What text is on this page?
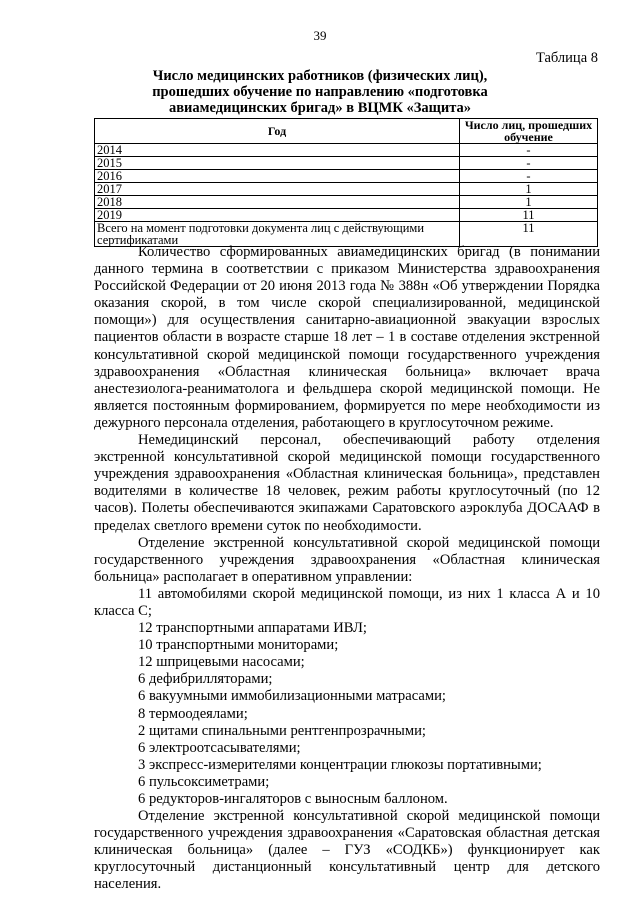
39
Таблица 8
Число медицинских работников (физических лиц), прошедших обучение по направлению «подготовка авиамедицинских бригад» в ВЦМК «Защита»
Год	Число лиц, прошедших обучение
2014	-
2015	-
2016	-
2017	1
2018	1
2019	11
Всего на момент подготовки документа лиц с действующими сертификатами	11

Количество сформированных авиамедицинских бригад (в понимании данного термина в соответствии с приказом Министерства здравоохранения Российской Федерации от 20 июня 2013 года № 388н «Об утверждении Порядка оказания скорой, в том числе скорой специализированной, медицинской помощи») для осуществления санитарно-авиационной эвакуации взрослых пациентов области в возрасте старше 18 лет – 1 в составе отделения экстренной консультативной скорой медицинской помощи государственного учреждения здравоохранения «Областная клиническая больница» включает врача анестезиолога-реаниматолога и фельдшера скорой медицинской помощи. Не является постоянным формированием, формируется по мере необходимости из дежурного персонала отделения, работающего в круглосуточном режиме.

Немедицинский персонал, обеспечивающий работу отделения экстренной консультативной скорой медицинской помощи государственного учреждения здравоохранения «Областная клиническая больница», представлен водителями в количестве 18 человек, режим работы круглосуточный (по 12 часов). Полеты обеспечиваются экипажами Саратовского аэроклуба ДОСААФ в пределах светлого времени суток по необходимости.

Отделение экстренной консультативной скорой медицинской помощи государственного учреждения здравоохранения «Областная клиническая больница» располагает в оперативном управлении:

11 автомобилями скорой медицинской помощи, из них 1 класса А и 10 класса С;

12 транспортными аппаратами ИВЛ;
10 транспортными мониторами;
12 шприцевыми насосами;
6 дефибрилляторами;
6 вакуумными иммобилизационными матрасами;
8 термоодеялами;
2 щитами спинальными рентгенпрозрачными;
6 электроотсасывателями;
3 экспресс-измерителями концентрации глюкозы портативными;
6 пульсоксиметрами;
6 редукторов-ингаляторов с выносным баллоном.

Отделение экстренной консультативной скорой медицинской помощи государственного учреждения здравоохранения «Саратовская областная детская клиническая больница» (далее – ГУЗ «СОДКБ») функционирует как круглосуточный дистанционный консультативный центр для детского населения.
